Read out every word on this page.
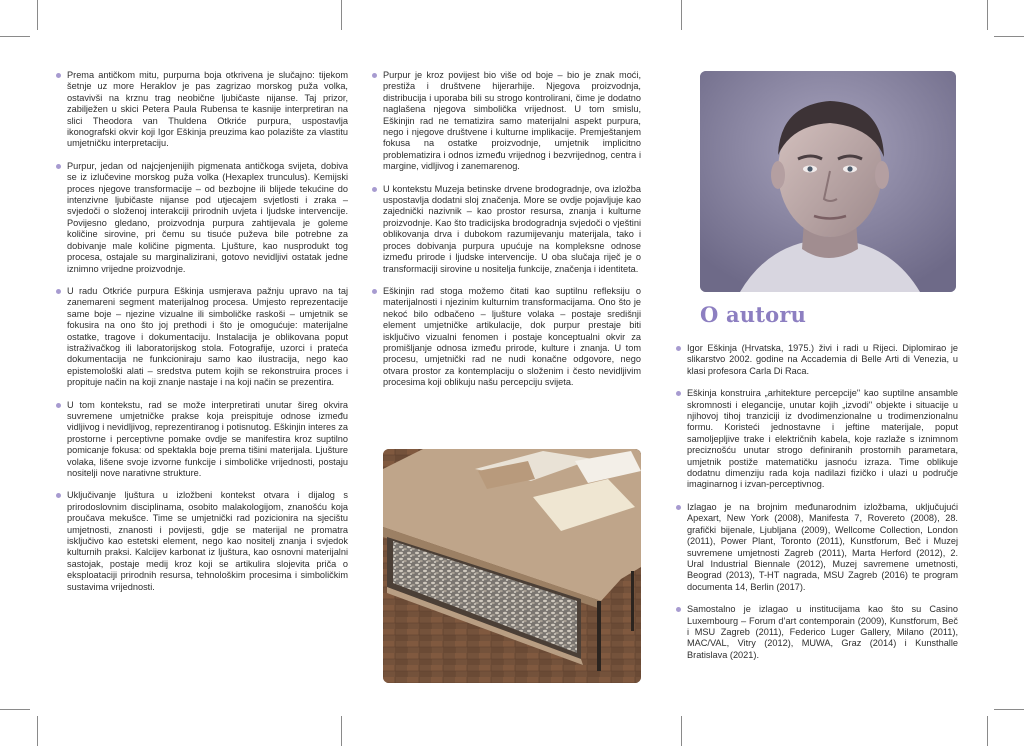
Prema antičkom mitu, purpurna boja otkrivena je slučajno: tijekom šetnje uz more Heraklov je pas zagrizao morskog puža volka, ostavivši na krznu trag neobične ljubičaste nijanse. Taj prizor, zabilježen u skici Petera Paula Rubensa te kasnije interpretiran na slici Theodora van Thuldena Otkriće purpura, uspostavlja ikonografski okvir koji Igor Eškinja preuzima kao polazište za vlastitu umjetničku interpretaciju.

Purpur, jedan od najcjenjenijih pigmenata antičkoga svijeta, dobiva se iz izlučevine morskog puža volka (Hexaplex trunculus). Kemijski proces njegove transformacije – od bezbojne ili blijede tekućine do intenzivne ljubičaste nijanse pod utjecajem svjetlosti i zraka – svjedoči o složenoj interakciji prirodnih uvjeta i ljudske intervencije. Povijesno gledano, proizvodnja purpura zahtijevala je goleme količine sirovine, pri čemu su tisuće puževa bile potrebne za dobivanje male količine pigmenta. Ljušture, kao nusprodukt tog procesa, ostajale su marginalizirani, gotovo nevidljivi ostatak jedne iznimno vrijedne proizvodnje.

U radu Otkriće purpura Eškinja usmjerava pažnju upravo na taj zanemareni segment materijalnog procesa. Umjesto reprezentacije same boje – njezine vizualne ili simboličke raskoši – umjetnik se fokusira na ono što joj prethodi i što je omogućuje: materijalne ostatke, tragove i dokumentaciju. Instalacija je oblikovana poput istraživačkog ili laboratorijskog stola. Fotografije, uzorci i prateća dokumentacija ne funkcioniraju samo kao ilustracija, nego kao epistemološki alati – sredstva putem kojih se rekonstruira proces i propituje način na koji znanje nastaje i na koji način se prezentira.

U tom kontekstu, rad se može interpretirati unutar šireg okvira suvremene umjetničke prakse koja preispituje odnose između vidljivog i nevidljivog, reprezentiranog i potisnutog. Eškinjin interes za prostorne i perceptivne pomake ovdje se manifestira kroz suptilno pomicanje fokusa: od spektakla boje prema tišini materijala. Ljušture volaka, lišene svoje izvorne funkcije i simboličke vrijednosti, postaju nositelji nove narativne strukture.

Uključivanje ljuštura u izložbeni kontekst otvara i dijalog s prirodoslovnim disciplinama, osobito malakologijom, znanošću koja proučava mekušce. Time se umjetnički rad pozicionira na sjecištu umjetnosti, znanosti i povijesti, gdje se materijal ne promatra isključivo kao estetski element, nego kao nositelj znanja i svjedok kulturnih praksi. Kalcijev karbonat iz ljuštura, kao osnovni materijalni sastojak, postaje medij kroz koji se artikulira slojevita priča o eksploataciji prirodnih resursa, tehnološkim procesima i simboličkim sustavima vrijednosti.

Purpur je kroz povijest bio više od boje – bio je znak moći, prestiža i društvene hijerarhije. Njegova proizvodnja, distribucija i uporaba bili su strogo kontrolirani, čime je dodatno naglašena njegova simbolička vrijednost. U tom smislu, Eškinjin rad ne tematizira samo materijalni aspekt purpura, nego i njegove društvene i kulturne implikacije. Premještanjem fokusa na ostatke proizvodnje, umjetnik implicitno problematizira i odnos između vrijednog i bezvrijednog, centra i margine, vidljivog i zanemarenog.

U kontekstu Muzeja betinske drvene brodogradnje, ova izložba uspostavlja dodatni sloj značenja. More se ovdje pojavljuje kao zajednički nazivnik – kao prostor resursa, znanja i kulturne proizvodnje. Kao što tradicijska brodogradnja svjedoči o vještini oblikovanja drva i dubokom razumijevanju materijala, tako i proces dobivanja purpura upućuje na kompleksne odnose između prirode i ljudske intervencije. U oba slučaja riječ je o transformaciji sirovine u nositelja funkcije, značenja i identiteta.

Eškinjin rad stoga možemo čitati kao suptilnu refleksiju o materijalnosti i njezinim kulturnim transformacijama. Ono što je nekoć bilo odbačeno – ljušture volaka – postaje središnji element umjetničke artikulacije, dok purpur prestaje biti isključivo vizualni fenomen i postaje konceptualni okvir za promišljanje odnosa između prirode, kulture i znanja. U tom procesu, umjetnički rad ne nudi konačne odgovore, nego otvara prostor za kontemplaciju o složenim i često nevidljivim procesima koji oblikuju našu percepciju svijeta.

O autoru

Igor Eškinja (Hrvatska, 1975.) živi i radi u Rijeci. Diplomirao je slikarstvo 2002. godine na Accademia di Belle Arti di Venezia, u klasi profesora Carla Di Raca.

Eškinja konstruira „arhitekture percepcije" kao suptilne ansamble skromnosti i elegancije, unutar kojih „izvodi" objekte i situacije u njihovoj tihoj tranziciji iz dvodimenzionalne u trodimenzionalnu formu. Koristeći jednostavne i jeftine materijale, poput samoljepljive trake i električnih kabela, koje razlaže s iznimnom preciznošću unutar strogo definiranih prostornih parametara, umjetnik postiže matematičku jasnoću izraza. Time oblikuje dodatnu dimenziju rada koja nadilazi fizičko i ulazi u područje imaginarnog i izvan-perceptivnog.

Izlagao je na brojnim međunarodnim izložbama, uključujući Apexart, New York (2008), Manifesta 7, Rovereto (2008), 28. grafički bijenale, Ljubljana (2009), Wellcome Collection, London (2011), Power Plant, Toronto (2011), Kunstforum, Beč i Muzej suvremene umjetnosti Zagreb (2011), Marta Herford (2012), 2. Ural Industrial Biennale (2012), Muzej savremene umetnosti, Beograd (2013), T-HT nagrada, MSU Zagreb (2016) te program documenta 14, Berlin (2017).

Samostalno je izlagao u institucijama kao što su Casino Luxembourg – Forum d’art contemporain (2009), Kunstforum, Beč i MSU Zagreb (2011), Federico Luger Gallery, Milano (2011), MAC/VAL, Vitry (2012), MUWA, Graz (2014) i Kunsthalle Bratislava (2021).
